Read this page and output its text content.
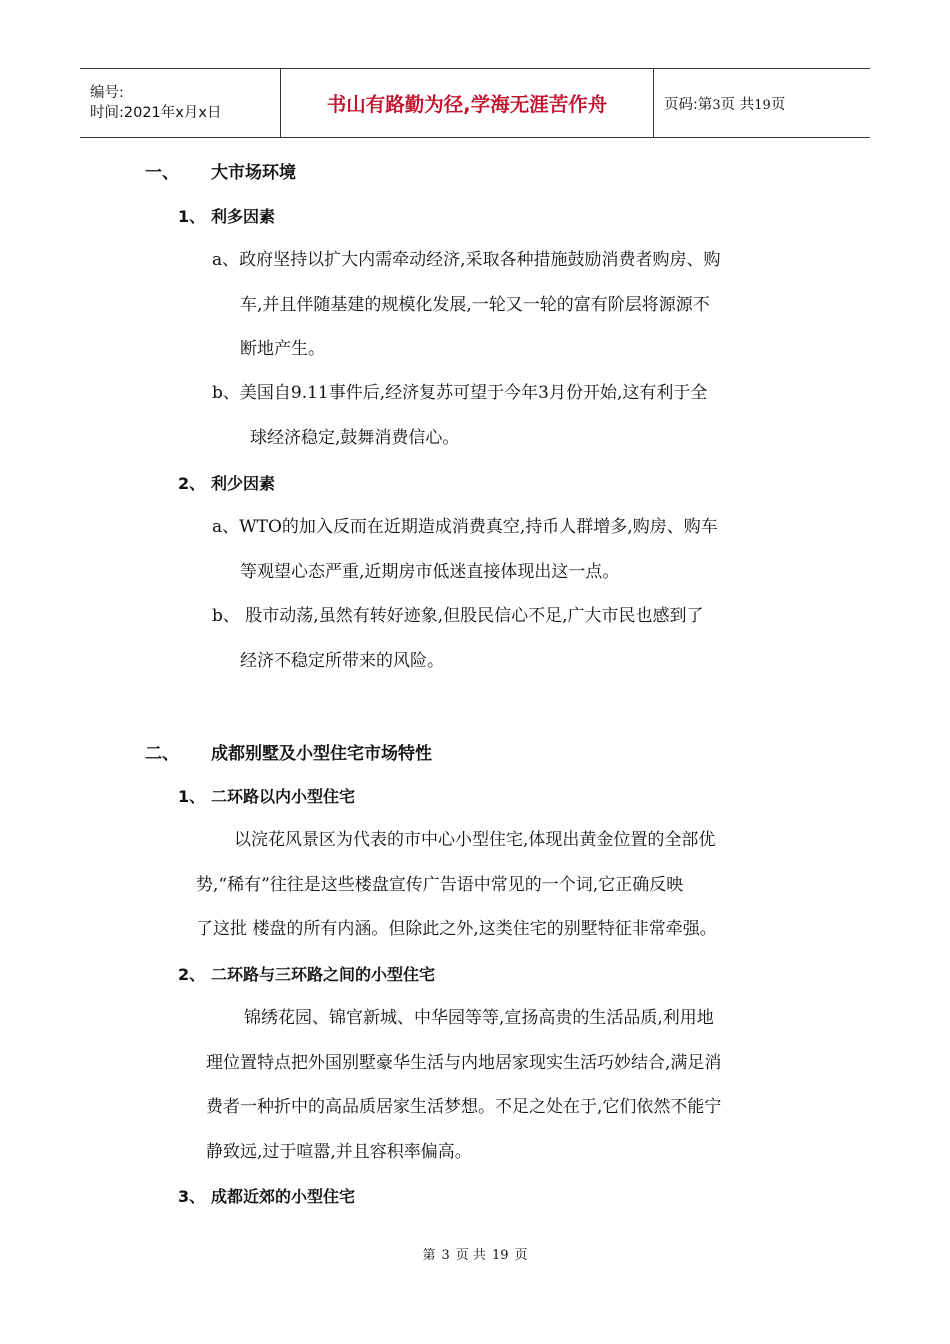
编号:
时间:2021年x月x日	书山有路勤为径,学海无涯苦作舟	页码:第3页 共19页
一、 大市场环境
1、 利多因素
a、政府坚持以扩大内需牵动经济,采取各种措施鼓励消费者购房、购
车,并且伴随基建的规模化发展,一轮又一轮的富有阶层将源源不
断地产生。
b、美国自9.11事件后,经济复苏可望于今年3月份开始,这有利于全
球经济稳定,鼓舞消费信心。
2、 利少因素
a、WTO的加入反而在近期造成消费真空,持币人群增多,购房、购车
等观望心态严重,近期房市低迷直接体现出这一点。
b、 股市动荡,虽然有转好迹象,但股民信心不足,广大市民也感到了
经济不稳定所带来的风险。
二、 成都别墅及小型住宅市场特性
1、 二环路以内小型住宅
以浣花风景区为代表的市中心小型住宅,体现出黄金位置的全部优
势,“稀有”往往是这些楼盘宣传广告语中常见的一个词,它正确反映
了这批 楼盘的所有内涵。但除此之外,这类住宅的别墅特征非常牵强。
2、 二环路与三环路之间的小型住宅
锦绣花园、锦官新城、中华园等等,宣扬高贵的生活品质,利用地
理位置特点把外国别墅豪华生活与内地居家现实生活巧妙结合,满足消
费者一种折中的高品质居家生活梦想。不足之处在于,它们依然不能宁
静致远,过于喧嚣,并且容积率偏高。
3、 成都近郊的小型住宅
第 3 页 共 19 页
